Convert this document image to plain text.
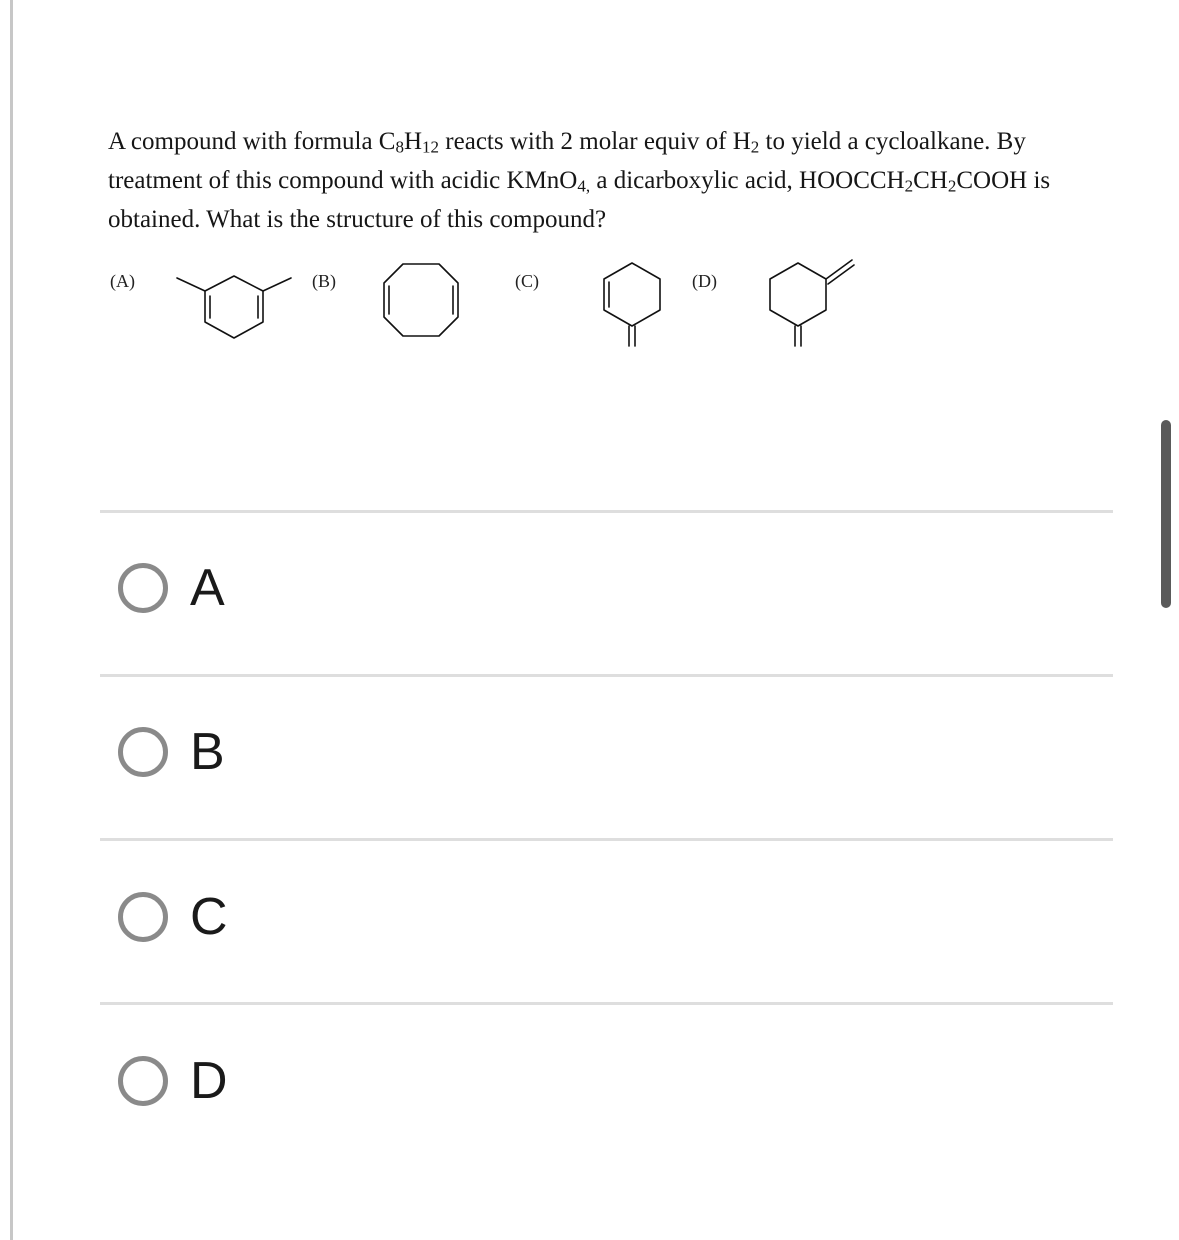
A compound with formula $C_8H_{12}$ reacts with 2 molar equiv of $H_2$ to yield a cycloalkane. By
treatment of this compound with acidic KMnO$_{4,}$ a dicarboxylic acid, $HOOCCH_2CH_2COOH$ is
obtained. What is the structure of this compound?
(A)	(B)	(C)	(D)
A
B
C
D
